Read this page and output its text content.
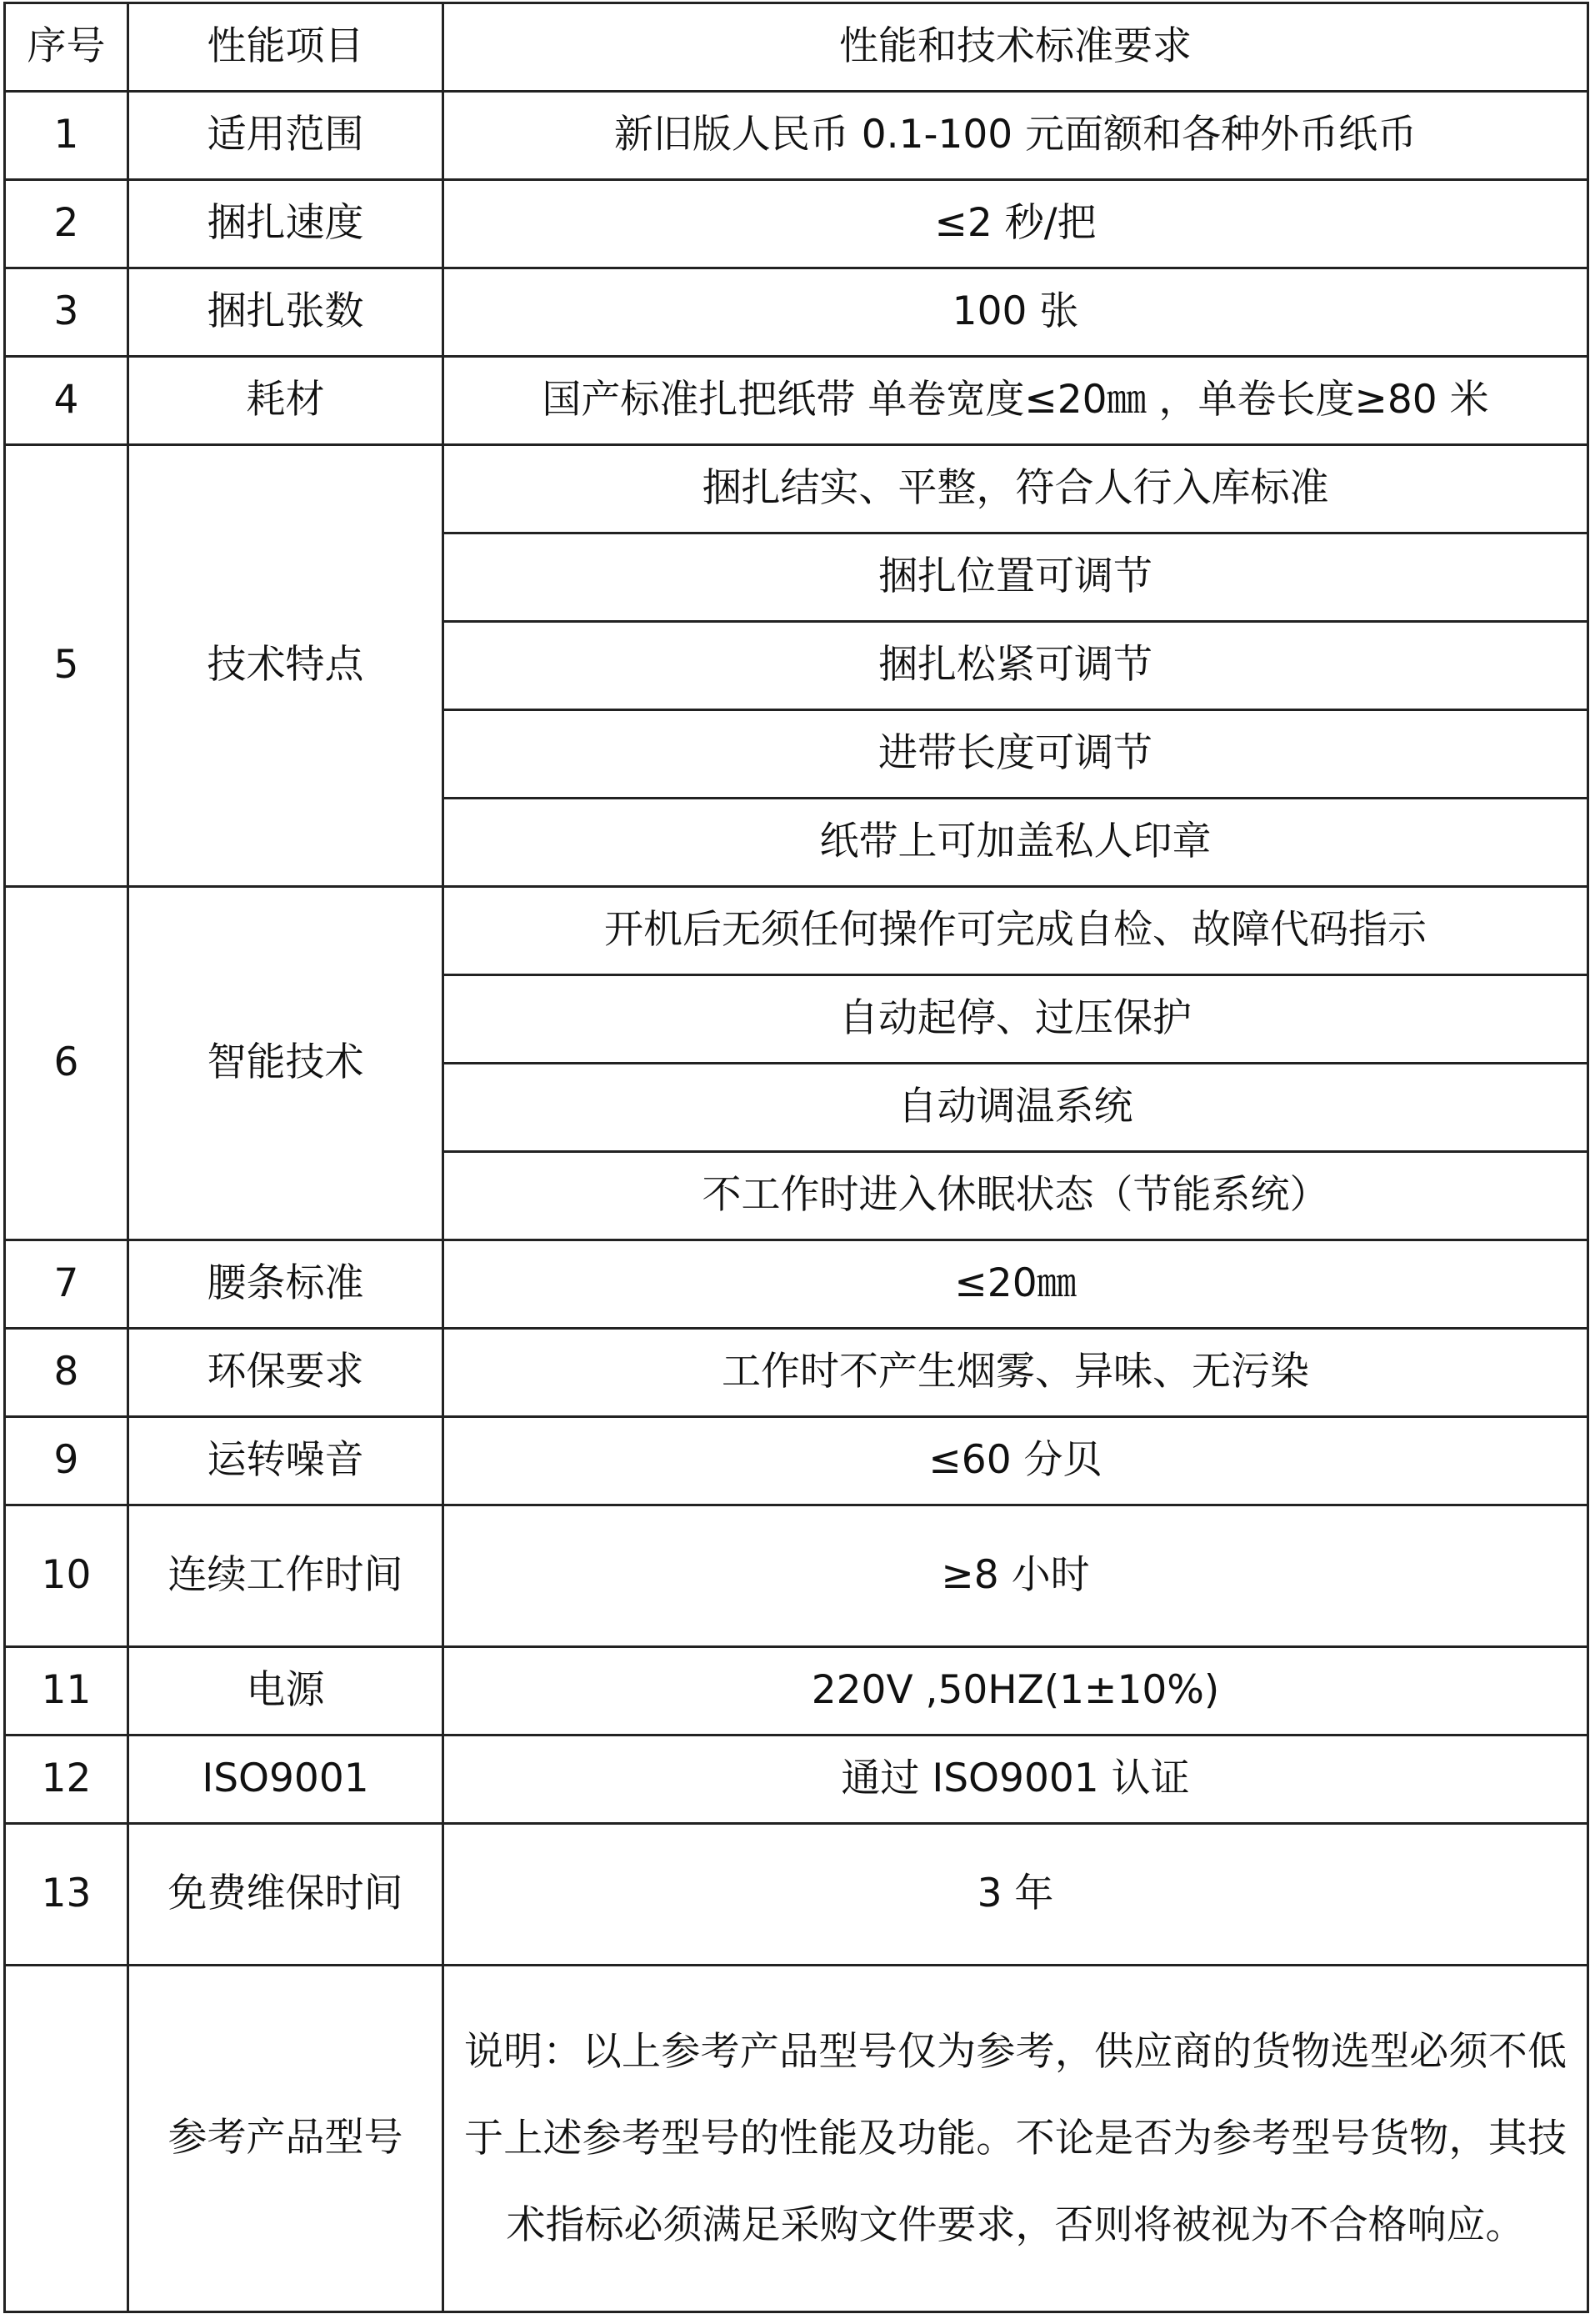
序号	性能项目	性能和技术标准要求
1	适用范围	新旧版人民币 0.1-100 元面额和各种外币纸币
2	捆扎速度	≤2 秒/把
3	捆扎张数	100 张
4	耗材	国产标准扎把纸带 单卷宽度≤20㎜ ，单卷长度≥80 米
5	技术特点	捆扎结实、平整，符合人行入库标准
		捆扎位置可调节
		捆扎松紧可调节
		进带长度可调节
		纸带上可加盖私人印章
6	智能技术	开机后无须任何操作可完成自检、故障代码指示
		自动起停、过压保护
		自动调温系统
		不工作时进入休眠状态（节能系统）
7	腰条标准	≤20㎜
8	环保要求	工作时不产生烟雾、异味、无污染
9	运转噪音	≤60 分贝
10	连续工作时间	≥8 小时
11	电源	220V ,50HZ(1±10%)
12	ISO9001	通过 ISO9001 认证
13	免费维保时间	3 年
	参考产品型号	说明：以上参考产品型号仅为参考，供应商的货物选型必须不低于上述参考型号的性能及功能。不论是否为参考型号货物，其技术指标必须满足采购文件要求，否则将被视为不合格响应。
